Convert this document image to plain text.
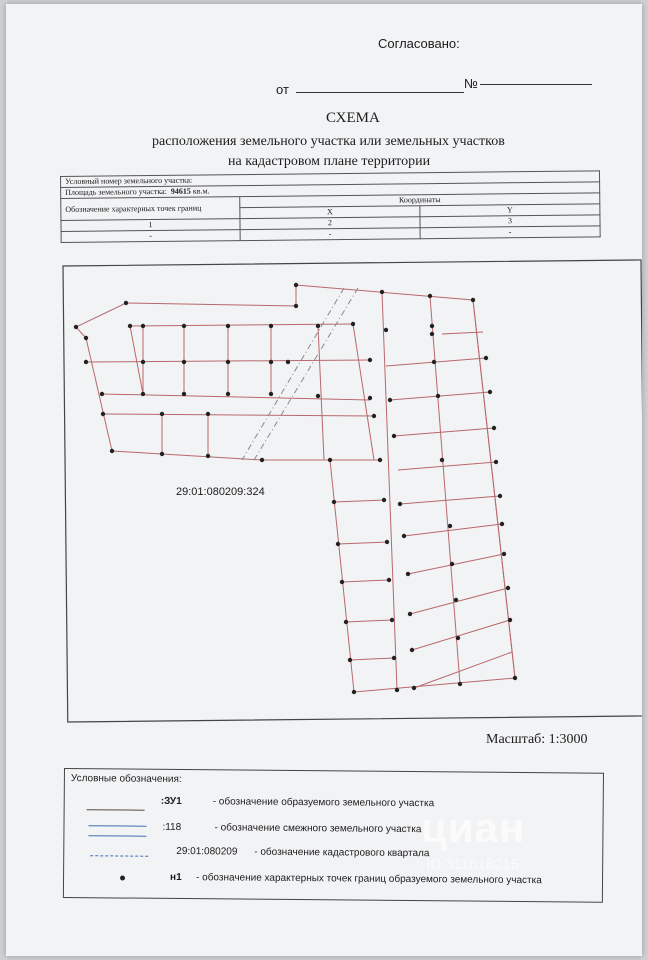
Согласовано:
от	№
СХЕМА
расположения земельного участка или земельных участков
на кадастровом плане территории
Условный номер земельного участка:		
Площадь земельного участка: 94615 кв.м.		
Обозначение характерных точек границ	Координаты	
	X	Y
1	2	3
-	-	-
29:01:080209:324
Масштаб: 1:3000
Условные обозначения:
:ЗУ1	- обозначение образуемого земельного участка
:118	- обозначение смежного земельного участка
29:01:080209 - обозначение кадастрового квартала
н1 - обозначение характерных точек границ образуемого земельного участка
циан
ID 311618215
